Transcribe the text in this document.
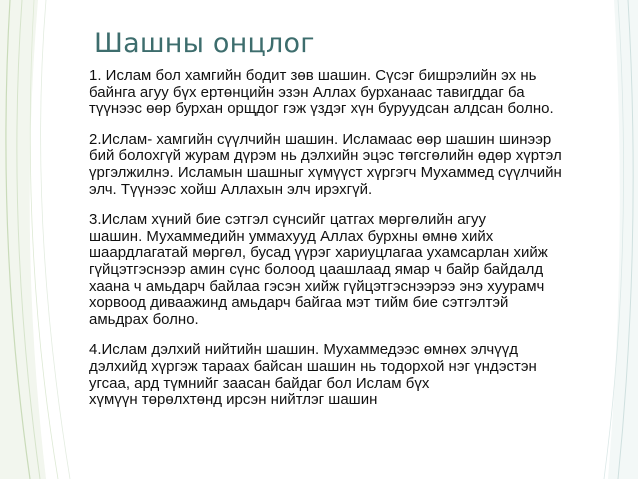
Шашны онцлог
1. Ислам бол хамгийн бодит зөв шашин. Сүсэг бишрэлийн эх нь
байнга агуу бүх ертөнцийн эзэн Аллах бурханаас тавигддаг ба
түүнээс өөр бурхан орщдог гэж үздэг хүн буруудсан алдсан болно.
2.Ислам- хамгийн сүүлчийн шашин. Исламаас өөр шашин шинээр
бий болохгүй журам дүрэм нь дэлхийн эцэс төгсгөлийн өдөр хүртэл
үргэлжилнэ. Исламын шашныг хүмүүст хүргэгч Мухаммед сүүлчийн
элч. Түүнээс хойш Аллахын элч ирэхгүй.
3.Ислам хүний бие сэтгэл сүнсийг цатгах мөргөлийн агуу
шашин. Мухаммедийн уммахууд Аллах бурхны өмнө хийх
шаардлагатай мөргөл, бусад үүрэг хариуцлагаа ухамсарлан хийж
гүйцэтгэснээр амин сүнс болоод цаашлаад ямар ч байр байдалд
хаана ч амьдарч байлаа гэсэн хийж гүйцэтгэснээрээ энэ хуурамч
хорвоод диваажинд амьдарч байгаа мэт тийм бие сэтгэлтэй
амьдрах болно.
4.Ислам дэлхий нийтийн шашин. Мухаммедээс өмнөх элчүүд
дэлхийд хүргэж тараах байсан шашин нь тодорхой нэг үндэстэн
угсаа, ард түмнийг заасан байдаг бол Ислам бүх
хүмүүн төрөлхтөнд ирсэн нийтлэг шашин
